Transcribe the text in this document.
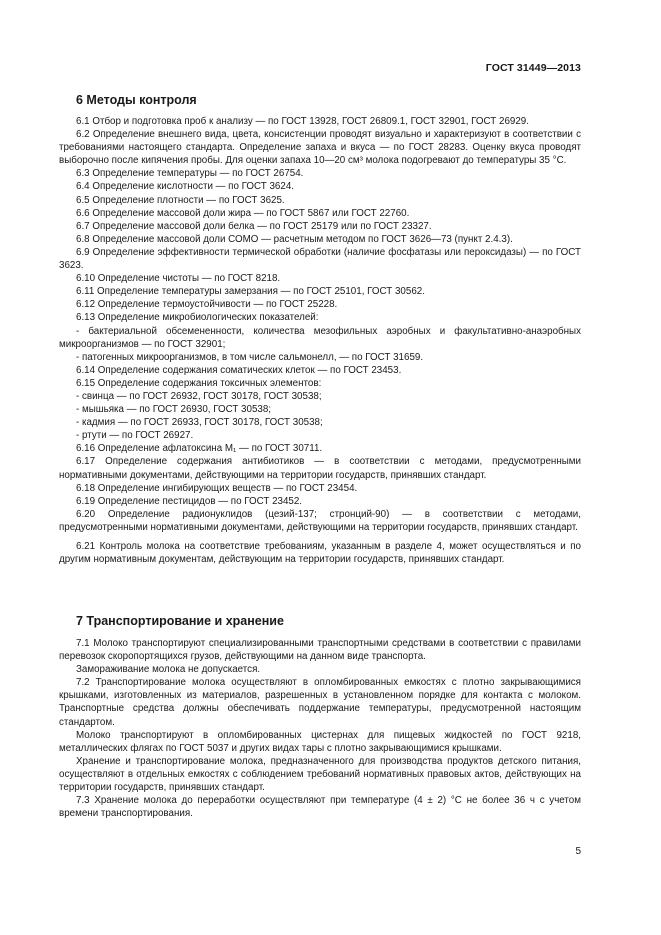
ГОСТ 31449—2013
6 Методы контроля

6.1 Отбор и подготовка проб к анализу — по ГОСТ 13928, ГОСТ 26809.1, ГОСТ 32901, ГОСТ 26929.

6.2 Определение внешнего вида, цвета, консистенции проводят визуально и характеризуют в соответствии с требованиями настоящего стандарта. Определение запаха и вкуса — по ГОСТ 28283. Оценку вкуса проводят выборочно после кипячения пробы. Для оценки запаха 10—20 см³ молока подогревают до температуры 35 °С.

6.3 Определение температуры — по ГОСТ 26754.

6.4 Определение кислотности — по ГОСТ 3624.

6.5 Определение плотности — по ГОСТ 3625.

6.6 Определение массовой доли жира — по ГОСТ 5867 или ГОСТ 22760.

6.7 Определение массовой доли белка — по ГОСТ 25179 или по ГОСТ 23327.

6.8 Определение массовой доли СОМО — расчетным методом по ГОСТ 3626—73 (пункт 2.4.3).

6.9 Определение эффективности термической обработки (наличие фосфатазы или пероксидазы) — по ГОСТ 3623.

6.10 Определение чистоты — по ГОСТ 8218.

6.11 Определение температуры замерзания — по ГОСТ 25101, ГОСТ 30562.

6.12 Определение термоустойчивости — по ГОСТ 25228.

6.13 Определение микробиологических показателей:

- бактериальной обсемененности, количества мезофильных аэробных и факультативно-анаэробных микроорганизмов — по ГОСТ 32901;

- патогенных микроорганизмов, в том числе сальмонелл, — по ГОСТ 31659.

6.14 Определение содержания соматических клеток — по ГОСТ 23453.

6.15 Определение содержания токсичных элементов:

- свинца — по ГОСТ 26932, ГОСТ 30178, ГОСТ 30538;

- мышьяка — по ГОСТ 26930, ГОСТ 30538;

- кадмия — по ГОСТ 26933, ГОСТ 30178, ГОСТ 30538;

- ртути — по ГОСТ 26927.

6.16 Определение афлатоксина M₁ — по ГОСТ 30711.

6.17 Определение содержания антибиотиков — в соответствии с методами, предусмотренными нормативными документами, действующими на территории государств, принявших стандарт.

6.18 Определение ингибирующих веществ — по ГОСТ 23454.

6.19 Определение пестицидов — по ГОСТ 23452.

6.20 Определение радионуклидов (цезий-137; стронций-90) — в соответствии с методами, предусмотренными нормативными документами, действующими на территории государств, принявших стандарт.

6.21 Контроль молока на соответствие требованиям, указанным в разделе 4, может осуществляться и по другим нормативным документам, действующим на территории государств, принявших стандарт.

7 Транспортирование и хранение

7.1 Молоко транспортируют специализированными транспортными средствами в соответствии с правилами перевозок скоропортящихся грузов, действующими на данном виде транспорта.

Замораживание молока не допускается.

7.2 Транспортирование молока осуществляют в опломбированных емкостях с плотно закрывающимися крышками, изготовленных из материалов, разрешенных в установленном порядке для контакта с молоком. Транспортные средства должны обеспечивать поддержание температуры, предусмотренной настоящим стандартом.

Молоко транспортируют в опломбированных цистернах для пищевых жидкостей по ГОСТ 9218, металлических флягах по ГОСТ 5037 и других видах тары с плотно закрывающимися крышками.

Хранение и транспортирование молока, предназначенного для производства продуктов детского питания, осуществляют в отдельных емкостях с соблюдением требований нормативных правовых актов, действующих на территории государств, принявших стандарт.

7.3 Хранение молока до переработки осуществляют при температуре (4 ± 2) °С не более 36 ч с учетом времени транспортирования.

5
